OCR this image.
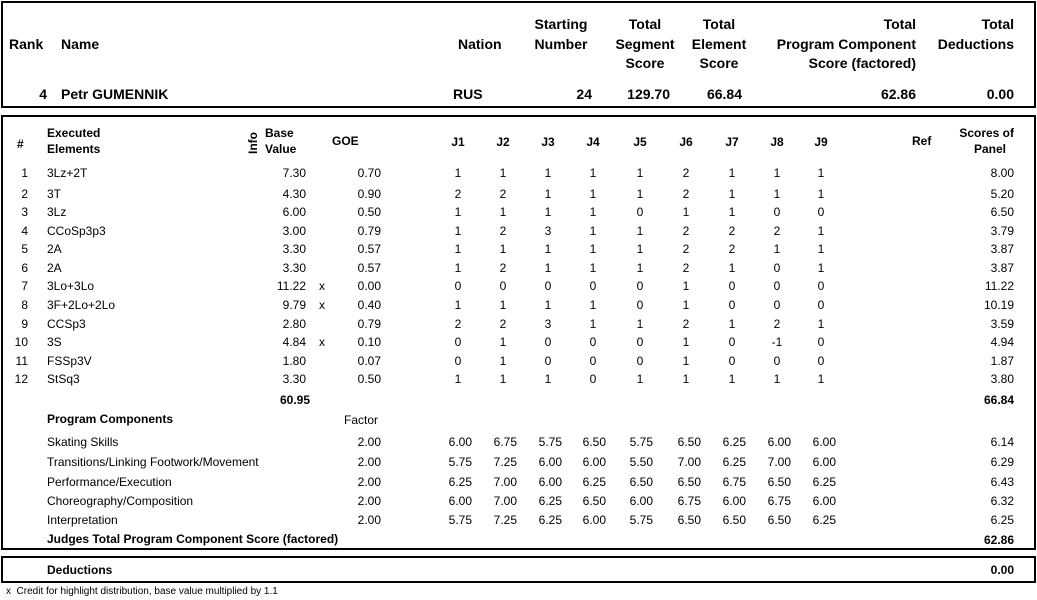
Rank Name	Nation
Starting
Number
Total
Segment
Score
Total
Element
Score
Total
Program Component
Score (factored)
Total
Deductions
4 Petr GUMENNIK	RUS	24	129.70	66.84	62.86	0.00
#
Executed
Elements	Info Base
Value
GOE	J1	J2	J3	J4	J5	J6	J7	J8	J9	Ref
Scores of
Panel
1 3Lz+2T	7.30	0.70	1	1	1	1	1	2	1	1	1	8.00
2 3T	4.30	0.90	2	2	1	1	1	2	1	1	1	5.20
3 3Lz	6.00	0.50	1	1	1	1	0	1	1	0	0	6.50
4 CCoSp3p3	3.00	0.79	1	2	3	1	1	2	2	2	1	3.79
5 2A	3.30	0.57	1	1	1	1	1	2	2	1	1	3.87
6 2A	3.30	0.57	1	2	1	1	1	2	1	0	1	3.87
7 3Lo+3Lo	11.22 x	0.00	0	0	0	0	0	1	0	0	0	11.22
8 3F+2Lo+2Lo	9.79 x	0.40	1	1	1	1	0	1	0	0	0	10.19
9 CCSp3	2.80	0.79	2	2	3	1	1	2	1	2	1	3.59
10 3S	4.84 x	0.10	0	1	0	0	0	1	0	-1	0	4.94
11 FSSp3V	1.80	0.07	0	1	0	0	0	1	0	0	0	1.87
12 StSq3	3.30	0.50	1	1	1	0	1	1	1	1	1	3.80
60.95	66.84
Program Components	Factor
Skating Skills	2.00	6.00	6.75	5.75	6.50	5.75	6.50	6.25	6.00	6.00	6.14
Transitions/Linking Footwork/Movement	2.00	5.75	7.25	6.00	6.00	5.50	7.00	6.25	7.00	6.00	6.29
Performance/Execution	2.00	6.25	7.00	6.00	6.25	6.50	6.50	6.75	6.50	6.25	6.43
Choreography/Composition	2.00	6.00	7.00	6.25	6.50	6.00	6.75	6.00	6.75	6.00	6.32
Interpretation	2.00	5.75	7.25	6.25	6.00	5.75	6.50	6.50	6.50	6.25	6.25
Judges Total Program Component Score (factored)	62.86
Deductions	0.00
x  Credit for highlight distribution, base value multiplied by 1.1
